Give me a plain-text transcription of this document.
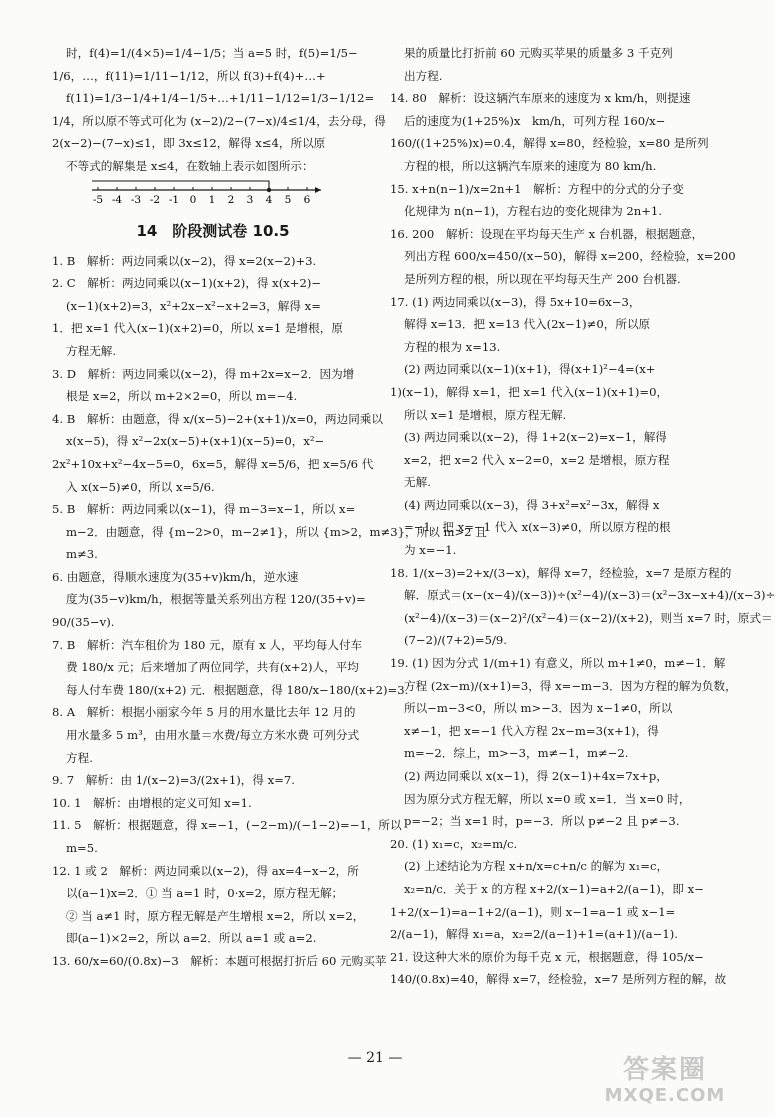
时，f(4)=1/(4×5)=1/4−1/5；当 a=5 时，f(5)=1/5−
1/6，…，f(11)=1/11−1/12，所以 f(3)+f(4)+…+
f(11)=1/3−1/4+1/4−1/5+…+1/11−1/12=1/3−1/12=
1/4，所以原不等式可化为 (x−2)/2−(7−x)/4≤1/4，去分母，得
2(x−2)−(7−x)≤1，即 3x≤12，解得 x≤4，所以原
不等式的解集是 x≤4，在数轴上表示如图所示：
-5 -4 -3 -2 -1 0 1 2 3 4 5 6
14　阶段测试卷 10.5
1. B　解析：两边同乘以(x−2)，得 x=2(x−2)+3.
2. C　解析：两边同乘以(x−1)(x+2)，得 x(x+2)−
(x−1)(x+2)=3，x²+2x−x²−x+2=3，解得 x=
1．把 x=1 代入(x−1)(x+2)=0，所以 x=1 是增根，原
方程无解.
3. D　解析：两边同乘以(x−2)，得 m+2x=x−2．因为增
根是 x=2，所以 m+2×2=0，所以 m=−4.
4. B　解析：由题意，得 x/(x−5)−2+(x+1)/x=0，两边同乘以
x(x−5)，得 x²−2x(x−5)+(x+1)(x−5)=0，x²−
2x²+10x+x²−4x−5=0，6x=5，解得 x=5/6，把 x=5/6 代
入 x(x−5)≠0，所以 x=5/6.
5. B　解析：两边同乘以(x−1)，得 m−3=x−1，所以 x=
m−2．由题意，得 {m−2>0，m−2≠1}，所以 {m>2，m≠3}，所以 m>2 且
m≠3.
6. 由题意，得顺水速度为(35+v)km/h，逆水速
度为(35−v)km/h，根据等量关系列出方程 120/(35+v)=
90/(35−v).
7. B　解析：汽车租价为 180 元，原有 x 人，平均每人付车
费 180/x 元；后来增加了两位同学，共有(x+2)人，平均
每人付车费 180/(x+2) 元．根据题意，得 180/x−180/(x+2)=3.
8. A　解析：根据小丽家今年 5 月的用水量比去年 12 月的
用水量多 5 m³，由用水量＝水费/每立方米水费 可列分式
方程.
9. 7　解析：由 1/(x−2)=3/(2x+1)，得 x=7.
10. 1　解析：由增根的定义可知 x=1.
11. 5　解析：根据题意，得 x=−1，(−2−m)/(−1−2)=−1，所以
m=5.
12. 1 或 2　解析：两边同乘以(x−2)，得 ax=4−x−2，所
以(a−1)x=2．① 当 a=1 时，0·x=2，原方程无解；
② 当 a≠1 时，原方程无解是产生增根 x=2，所以 x=2，
即(a−1)×2=2，所以 a=2．所以 a=1 或 a=2.
13. 60/x=60/(0.8x)−3　解析：本题可根据打折后 60 元购买苹
果的质量比打折前 60 元购买苹果的质量多 3 千克列
出方程.
14. 80　解析：设这辆汽车原来的速度为 x km/h，则提速
后的速度为(1+25%)x　km/h，可列方程 160/x−
160/((1+25%)x)=0.4，解得 x=80，经检验，x=80 是所列
方程的根，所以这辆汽车原来的速度为 80 km/h.
15. x+n(n−1)/x=2n+1　解析：方程中的分式的分子变
化规律为 n(n−1)，方程右边的变化规律为 2n+1.
16. 200　解析：设现在平均每天生产 x 台机器，根据题意，
列出方程 600/x=450/(x−50)，解得 x=200，经检验，x=200
是所列方程的根，所以现在平均每天生产 200 台机器.
17. (1) 两边同乘以(x−3)，得 5x+10=6x−3，
解得 x=13．把 x=13 代入(2x−1)≠0，所以原
方程的根为 x=13.
(2) 两边同乘以(x−1)(x+1)，得(x+1)²−4=(x+
1)(x−1)，解得 x=1，把 x=1 代入(x−1)(x+1)=0，
所以 x=1 是增根，原方程无解.
(3) 两边同乘以(x−2)，得 1+2(x−2)=x−1，解得
x=2，把 x=2 代入 x−2=0，x=2 是增根，原方程
无解.
(4) 两边同乘以(x−3)，得 3+x²=x²−3x，解得 x
=−1，把 x=−1 代入 x(x−3)≠0，所以原方程的根
为 x=−1.
18. 1/(x−3)=2+x/(3−x)，解得 x=7，经检验，x=7 是原方程的
解．原式＝(x−(x−4)/(x−3))÷(x²−4)/(x−3)＝(x²−3x−x+4)/(x−3)÷
(x²−4)/(x−3)＝(x−2)²/(x²−4)＝(x−2)/(x+2)，则当 x=7 时，原式＝
(7−2)/(7+2)=5/9.
19. (1) 因为分式 1/(m+1) 有意义，所以 m+1≠0，m≠−1．解
方程 (2x−m)/(x+1)=3，得 x=−m−3．因为方程的解为负数，
所以−m−3<0，所以 m>−3．因为 x−1≠0，所以
x≠−1，把 x=−1 代入方程 2x−m=3(x+1)，得
m=−2．综上，m>−3，m≠−1，m≠−2.
(2) 两边同乘以 x(x−1)，得 2(x−1)+4x=7x+p，
因为原分式方程无解，所以 x=0 或 x=1．当 x=0 时，
p=−2；当 x=1 时，p=−3．所以 p≠−2 且 p≠−3.
20. (1) x₁=c，x₂=m/c.
(2) 上述结论为方程 x+n/x=c+n/c 的解为 x₁=c，
x₂=n/c．关于 x 的方程 x+2/(x−1)=a+2/(a−1)，即 x−
1+2/(x−1)=a−1+2/(a−1)，则 x−1=a−1 或 x−1=
2/(a−1)，解得 x₁=a，x₂=2/(a−1)+1=(a+1)/(a−1).
21. 设这种大米的原价为每千克 x 元，根据题意，得 105/x−
140/(0.8x)=40，解得 x=7，经检验，x=7 是所列方程的解，故
— 21 —	答案圈
MXQE.COM
